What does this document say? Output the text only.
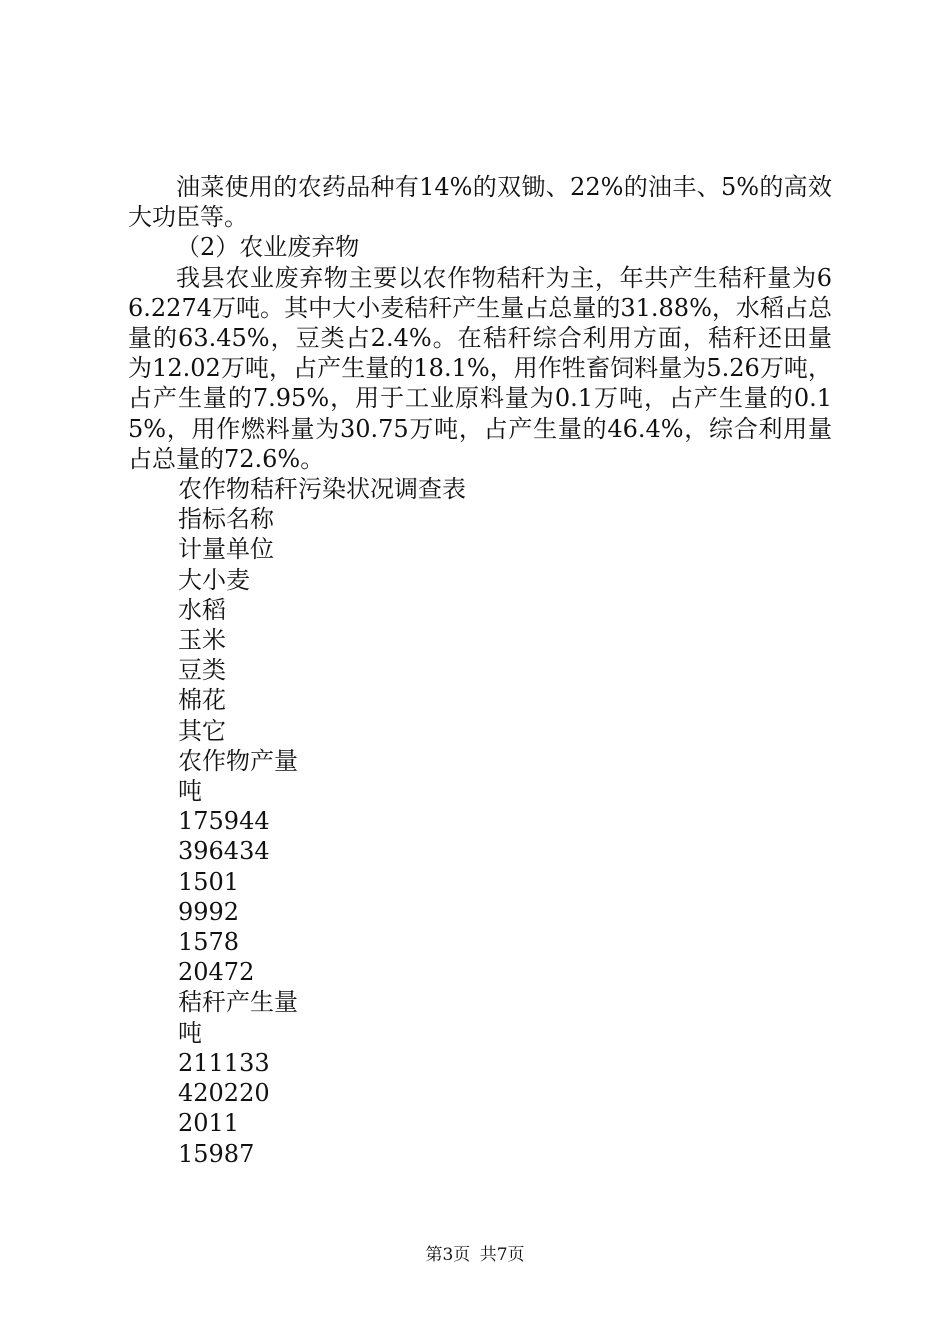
油菜使用的农药品种有14%的双锄、22%的油丰、5%的高效大功臣等。

（2）农业废弃物

我县农业废弃物主要以农作物秸秆为主，年共产生秸秆量为66.2274万吨。其中大小麦秸秆产生量占总量的31.88%，水稻占总量的63.45%，豆类占2.4%。在秸秆综合利用方面，秸秆还田量为12.02万吨，占产生量的18.1%，用作牲畜饲料量为5.26万吨，占产生量的7.95%，用于工业原料量为0.1万吨，占产生量的0.15%，用作燃料量为30.75万吨，占产生量的46.4%，综合利用量占总量的72.6%。

农作物秸秆污染状况调查表

指标名称

计量单位

大小麦

水稻

玉米

豆类

棉花

其它

农作物产量

吨

175944

396434

1501

9992

1578

20472

秸秆产生量

吨

211133

420220

2011

15987

第3页 共7页
